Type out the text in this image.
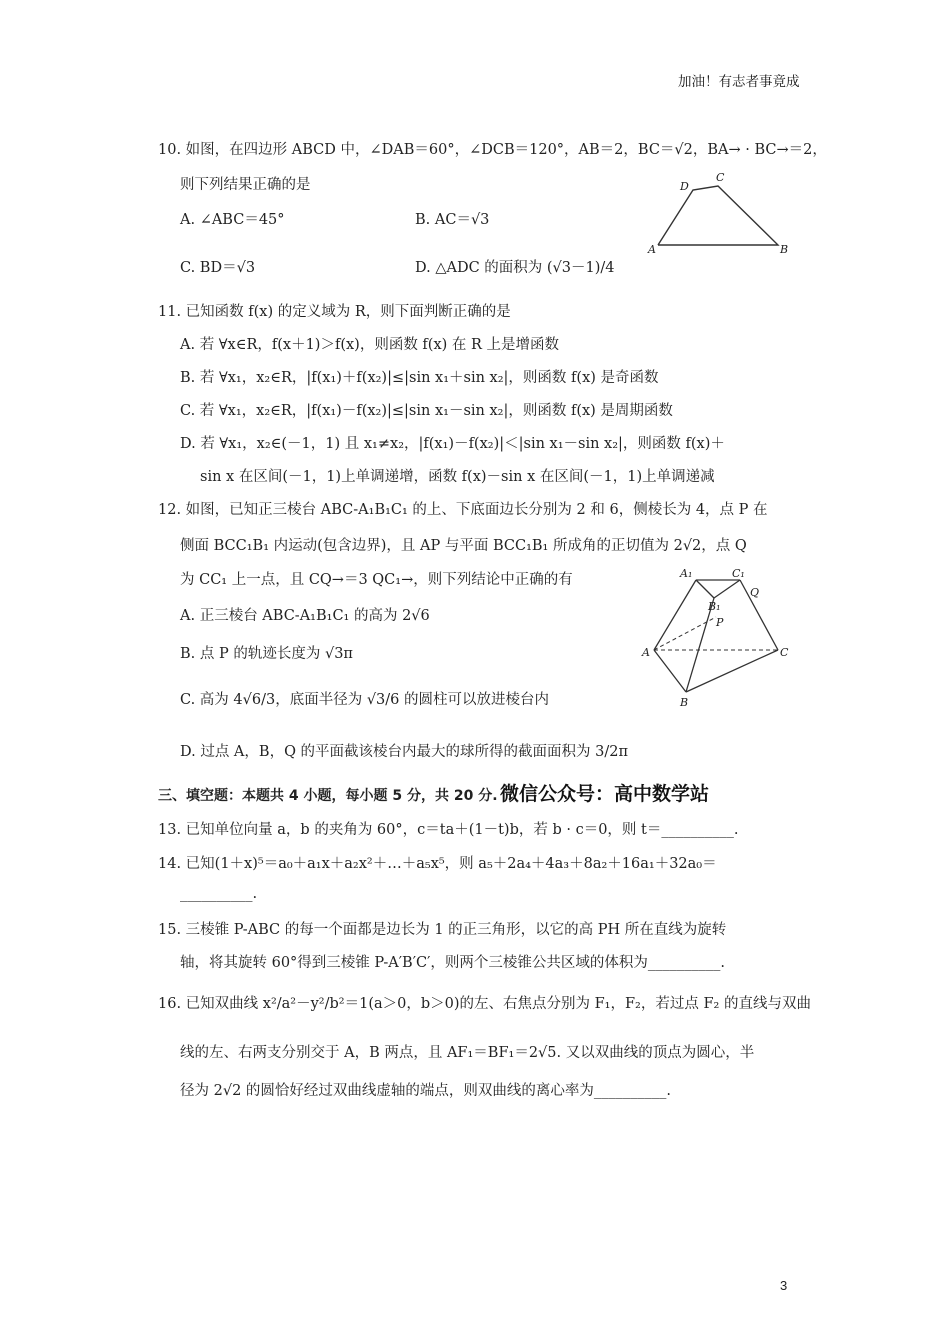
加油！有志者事竟成
3
10. 如图，在四边形 ABCD 中，∠DAB＝60°，∠DCB＝120°，AB＝2，BC＝√2，BA→ · BC→＝2，
则下列结果正确的是
A. ∠ABC＝45°	B. AC＝√3
C. BD＝√3	D. △ADC 的面积为 (√3－1)/4
A	B
C
D
11. 已知函数 f(x) 的定义域为 R，则下面判断正确的是
A. 若 ∀x∈R，f(x＋1)＞f(x)，则函数 f(x) 在 R 上是增函数
B. 若 ∀x₁，x₂∈R，|f(x₁)＋f(x₂)|≤|sin x₁＋sin x₂|，则函数 f(x) 是奇函数
C. 若 ∀x₁，x₂∈R，|f(x₁)－f(x₂)|≤|sin x₁－sin x₂|，则函数 f(x) 是周期函数
D. 若 ∀x₁，x₂∈(－1，1) 且 x₁≠x₂，|f(x₁)－f(x₂)|＜|sin x₁－sin x₂|，则函数 f(x)＋
sin x 在区间(－1，1)上单调递增，函数 f(x)－sin x 在区间(－1，1)上单调递减
12. 如图，已知正三棱台 ABC-A₁B₁C₁ 的上、下底面边长分别为 2 和 6，侧棱长为 4，点 P 在
侧面 BCC₁B₁ 内运动(包含边界)，且 AP 与平面 BCC₁B₁ 所成角的正切值为 2√2，点 Q
为 CC₁ 上一点，且 CQ→＝3 QC₁→，则下列结论中正确的有
A. 正三棱台 ABC-A₁B₁C₁ 的高为 2√6
B. 点 P 的轨迹长度为 √3π
C. 高为 4√6/3，底面半径为 √3/6 的圆柱可以放进棱台内
D. 过点 A，B，Q 的平面截该棱台内最大的球所得的截面面积为 3/2π
A₁	C₁
B₁
Q
P
A	C
B
三、填空题：本题共 4 小题，每小题 5 分，共 20 分. 微信公众号：高中数学站
13. 已知单位向量 a，b 的夹角为 60°，c＝ta＋(1－t)b，若 b · c＝0，则 t＝__________.
14. 已知(1＋x)⁵＝a₀＋a₁x＋a₂x²＋…＋a₅x⁵，则 a₅＋2a₄＋4a₃＋8a₂＋16a₁＋32a₀＝
__________.
15. 三棱锥 P-ABC 的每一个面都是边长为 1 的正三角形，以它的高 PH 所在直线为旋转
轴，将其旋转 60°得到三棱锥 P-A′B′C′，则两个三棱锥公共区域的体积为__________.
16. 已知双曲线 x²/a²－y²/b²＝1(a＞0，b＞0)的左、右焦点分别为 F₁，F₂，若过点 F₂ 的直线与双曲
线的左、右两支分别交于 A，B 两点，且 AF₁＝BF₁＝2√5. 又以双曲线的顶点为圆心，半
径为 2√2 的圆恰好经过双曲线虚轴的端点，则双曲线的离心率为__________.
